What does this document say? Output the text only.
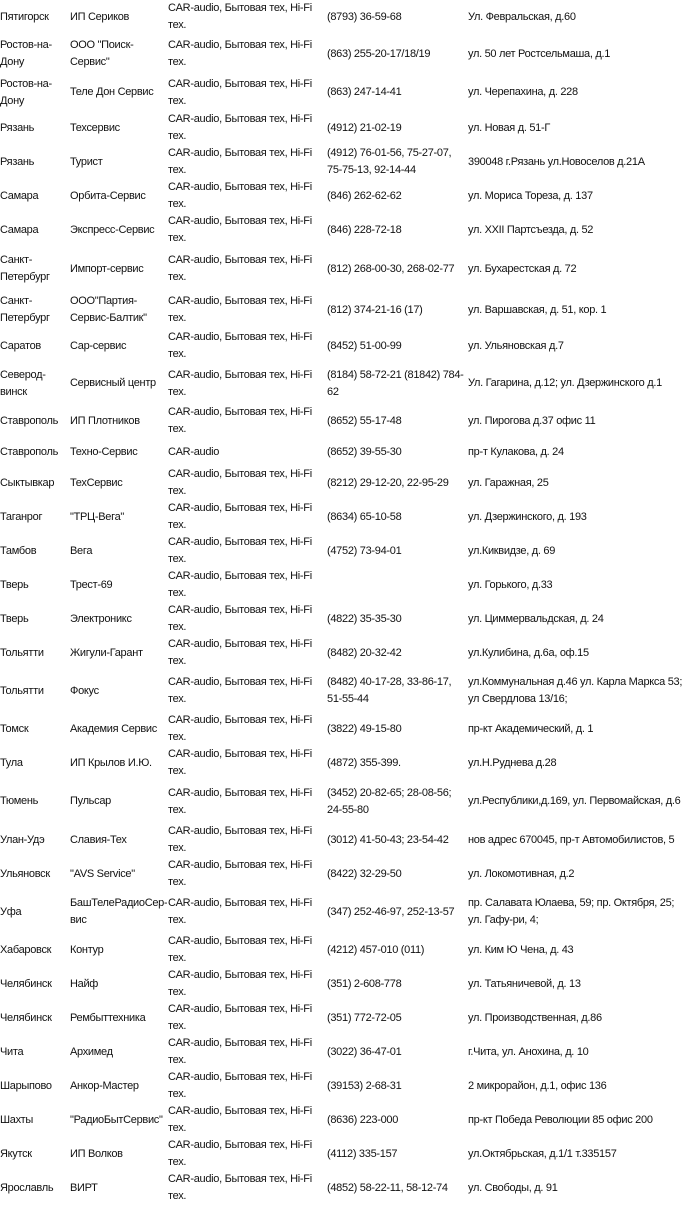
Пятигорск	ИП Сериков	CAR-audio, Бытовая тех, Hi-Fi тех.	(8793) 36-59-68	Ул. Февральская, д.60
Ростов-на-Дону	ООО "Поиск-Сервис"	CAR-audio, Бытовая тех, Hi-Fi тех.	(863) 255-20-17/18/19	ул. 50 лет Ростсельмаша, д.1
Ростов-на-Дону	Теле Дон Сервис	CAR-audio, Бытовая тех, Hi-Fi тех.	(863) 247-14-41	ул. Черепахина, д. 228
Рязань	Техсервис	CAR-audio, Бытовая тех, Hi-Fi тех.	(4912) 21-02-19	ул. Новая д. 51-Г
Рязань	Турист	CAR-audio, Бытовая тех, Hi-Fi тех.	(4912) 76-01-56, 75-27-07, 75-75-13, 92-14-44	390048 г.Рязань ул.Новоселов д.21А
Самара	Орбита-Сервис	CAR-audio, Бытовая тех, Hi-Fi тех.	(846) 262-62-62	ул. Мориса Тореза, д. 137
Самара	Экспресс-Сервис	CAR-audio, Бытовая тех, Hi-Fi тех.	(846) 228-72-18	ул. XXII Партсъезда, д. 52
Санкт-Петербург	Импорт-сервис	CAR-audio, Бытовая тех, Hi-Fi тех.	(812) 268-00-30, 268-02-77	ул. Бухарестская д. 72
Санкт-Петербург	ООО"Партия-Сервис-Балтик"	CAR-audio, Бытовая тех, Hi-Fi тех.	(812) 374-21-16 (17)	ул. Варшавская, д. 51, кор. 1
Саратов	Сар-сервис	CAR-audio, Бытовая тех, Hi-Fi тех.	(8452) 51-00-99	ул. Ульяновская д.7
Северод-винск	Сервисный центр	CAR-audio, Бытовая тех, Hi-Fi тех.	(8184) 58-72-21 (81842) 784-62	Ул. Гагарина, д.12; ул. Дзержинского д.1
Ставрополь	ИП Плотников	CAR-audio, Бытовая тех, Hi-Fi тех.	(8652) 55-17-48	ул. Пирогова д.37 офис 11
Ставрополь	Техно-Сервис	CAR-audio	(8652) 39-55-30	пр-т Кулакова, д. 24
Сыктывкар	ТехСервис	CAR-audio, Бытовая тех, Hi-Fi тех.	(8212) 29-12-20, 22-95-29	ул. Гаражная, 25
Таганрог	"ТРЦ-Вега"	CAR-audio, Бытовая тех, Hi-Fi тех.	(8634) 65-10-58	ул. Дзержинского, д. 193
Тамбов	Вега	CAR-audio, Бытовая тех, Hi-Fi тех.	(4752) 73-94-01	ул.Киквидзе, д. 69
Тверь	Трест-69	CAR-audio, Бытовая тех, Hi-Fi тех.		ул. Горького, д.33
Тверь	Электроникс	CAR-audio, Бытовая тех, Hi-Fi тех.	(4822) 35-35-30	ул. Циммервальдская, д. 24
Тольятти	Жигули-Гарант	CAR-audio, Бытовая тех, Hi-Fi тех.	(8482) 20-32-42	ул.Кулибина, д.6а, оф.15
Тольятти	Фокус	CAR-audio, Бытовая тех, Hi-Fi тех.	(8482) 40-17-28, 33-86-17, 51-55-44	ул.Коммунальная д.46 ул. Карла Маркса 53; ул Свердлова 13/16;
Томск	Академия Сервис	CAR-audio, Бытовая тех, Hi-Fi тех.	(3822) 49-15-80	пр-кт Академический, д. 1
Тула	ИП Крылов И.Ю.	CAR-audio, Бытовая тех, Hi-Fi тех.	(4872) 355-399.	ул.Н.Руднева д.28
Тюмень	Пульсар	CAR-audio, Бытовая тех, Hi-Fi тех.	(3452) 20-82-65; 28-08-56; 24-55-80	ул.Республики,д.169, ул. Первомайская, д.6
Улан-Удэ	Славия-Тех	CAR-audio, Бытовая тех, Hi-Fi тех.	(3012) 41-50-43; 23-54-42	нов адрес 670045, пр-т Автомобилистов, 5
Ульяновск	"AVS Service"	CAR-audio, Бытовая тех, Hi-Fi тех.	(8422) 32-29-50	ул. Локомотивная, д.2
Уфа	БашТелеРадиоСер-вис	CAR-audio, Бытовая тех, Hi-Fi тех.	(347) 252-46-97, 252-13-57	пр. Салавата Юлаева, 59; пр. Октября, 25; ул. Гафу-ри, 4;
Хабаровск	Контур	CAR-audio, Бытовая тех, Hi-Fi тех.	(4212) 457-010 (011)	ул. Ким Ю Чена, д. 43
Челябинск	Найф	CAR-audio, Бытовая тех, Hi-Fi тех.	(351) 2-608-778	ул. Татьяничевой, д. 13
Челябинск	Рембыттехника	CAR-audio, Бытовая тех, Hi-Fi тех.	(351) 772-72-05	ул. Производственная, д.86
Чита	Архимед	CAR-audio, Бытовая тех, Hi-Fi тех.	(3022) 36-47-01	г.Чита, ул. Анохина, д. 10
Шарыпово	Анкор-Мастер	CAR-audio, Бытовая тех, Hi-Fi тех.	(39153) 2-68-31	2 микрорайон, д.1, офис 136
Шахты	"РадиоБытСервис"	CAR-audio, Бытовая тех, Hi-Fi тех.	(8636) 223-000	пр-кт Победа Революции 85 офис 200
Якутск	ИП Волков	CAR-audio, Бытовая тех, Hi-Fi тех.	(4112) 335-157	ул.Октябрьская, д.1/1 т.335157
Ярославль	ВИРТ	CAR-audio, Бытовая тех, Hi-Fi тех.	(4852) 58-22-11, 58-12-74	ул. Свободы, д. 91
